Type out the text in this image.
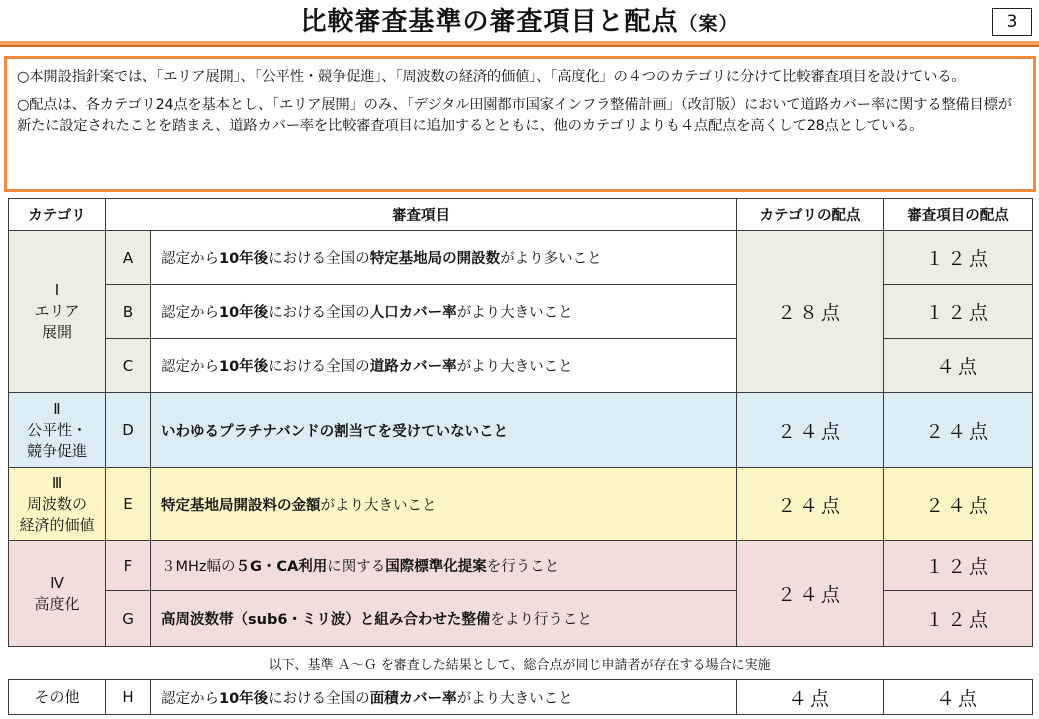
比較審査基準の審査項目と配点（案）	3

○本開設指針案では、「エリア展開」、「公平性・競争促進」、「周波数の経済的価値」、「高度化」の４つのカテゴリに分けて比較審査項目を設けている。

○配点は、各カテゴリ24点を基本とし、「エリア展開」のみ、「デジタル田園都市国家インフラ整備計画」（改訂版）において道路カバー率に関する整備目標が新たに設定されたことを踏まえ、道路カバー率を比較審査項目に追加するとともに、他のカテゴリよりも４点配点を高くして28点としている。

カテゴリ	審査項目		カテゴリの配点	審査項目の配点

Ⅰ
エリア
展開	A	認定から10年後における全国の特定基地局の開設数がより多いこと	２８点	１２点
	B	認定から10年後における全国の人口カバー率がより大きいこと		１２点
	C	認定から10年後における全国の道路カバー率がより大きいこと		４点

Ⅱ
公平性・
競争促進	D	いわゆるプラチナバンドの割当てを受けていないこと	２４点	２４点

Ⅲ
周波数の
経済的価値	E	特定基地局開設料の金額がより大きいこと	２４点	２４点

Ⅳ
高度化	F	３MHz幅の５G・CA利用に関する国際標準化提案を行うこと	２４点	１２点
	G	高周波数帯（sub6・ミリ波）と組み合わせた整備をより行うこと		１２点
以下、基準 Ａ～Ｇ を審査した結果として、総合点が同じ申請者が存在する場合に実施
その他	H	認定から10年後における全国の面積カバー率がより大きいこと	４点	４点
